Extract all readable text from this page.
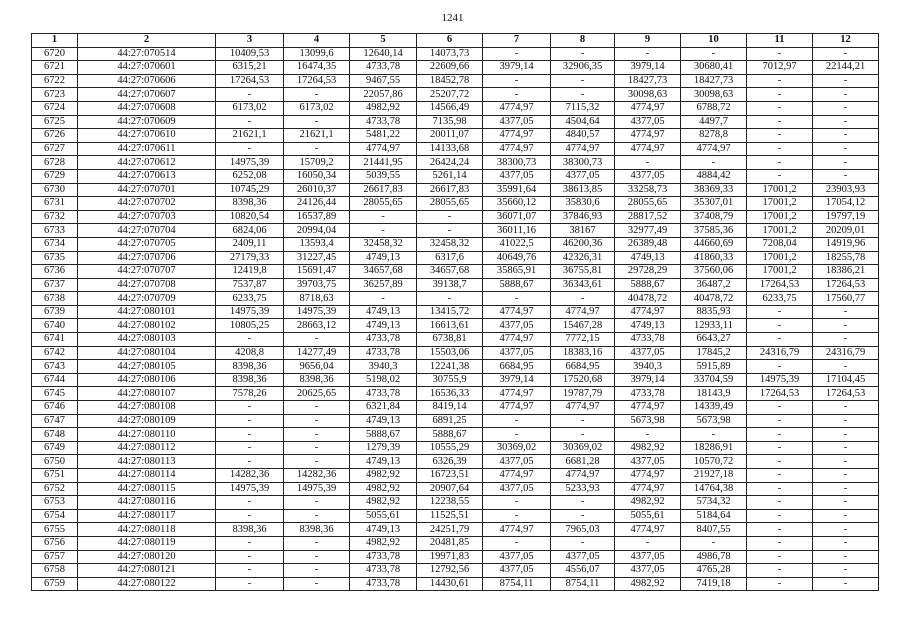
1241
1	2	3	4	5	6	7	8	9	10	11	12
6720	44:27:070514	10409,53	13099,6	12640,14	14073,73	-	-	-	-	-	-
6721	44:27:070601	6315,21	16474,35	4733,78	22609,66	3979,14	32906,35	3979,14	30680,41	7012,97	22144,21
6722	44:27:070606	17264,53	17264,53	9467,55	18452,78	-	-	18427,73	18427,73	-	-
6723	44:27:070607	-	-	22057,86	25207,72	-	-	30098,63	30098,63	-	-
6724	44:27:070608	6173,02	6173,02	4982,92	14566,49	4774,97	7115,32	4774,97	6788,72	-	-
6725	44:27:070609	-	-	4733,78	7135,98	4377,05	4504,64	4377,05	4497,7	-	-
6726	44:27:070610	21621,1	21621,1	5481,22	20011,07	4774,97	4840,57	4774,97	8278,8	-	-
6727	44:27:070611	-	-	4774,97	14133,68	4774,97	4774,97	4774,97	4774,97	-	-
6728	44:27:070612	14975,39	15709,2	21441,95	26424,24	38300,73	38300,73	-	-	-	-
6729	44:27:070613	6252,08	16050,34	5039,55	5261,14	4377,05	4377,05	4377,05	4884,42	-	-
6730	44:27:070701	10745,29	26010,37	26617,83	26617,83	35991,64	38613,85	33258,73	38369,33	17001,2	23903,93
6731	44:27:070702	8398,36	24126,44	28055,65	28055,65	35660,12	35830,6	28055,65	35307,01	17001,2	17054,12
6732	44:27:070703	10820,54	16537,89	-	-	36071,07	37846,93	28817,52	37408,79	17001,2	19797,19
6733	44:27:070704	6824,06	20994,04	-	-	36011,16	38167	32977,49	37585,36	17001,2	20209,01
6734	44:27:070705	2409,11	13593,4	32458,32	32458,32	41022,5	46200,36	26389,48	44660,69	7208,04	14919,96
6735	44:27:070706	27179,33	31227,45	4749,13	6317,6	40649,76	42326,31	4749,13	41860,33	17001,2	18255,78
6736	44:27:070707	12419,8	15691,47	34657,68	34657,68	35865,91	36755,81	29728,29	37560,06	17001,2	18386,21
6737	44:27:070708	7537,87	39703,75	36257,89	39138,7	5888,67	36343,61	5888,67	36487,2	17264,53	17264,53
6738	44:27:070709	6233,75	8718,63	-	-	-	-	40478,72	40478,72	6233,75	17560,77
6739	44:27:080101	14975,39	14975,39	4749,13	13415,72	4774,97	4774,97	4774,97	8835,93	-	-
6740	44:27:080102	10805,25	28663,12	4749,13	16613,61	4377,05	15467,28	4749,13	12933,11	-	-
6741	44:27:080103	-	-	4733,78	6738,81	4774,97	7772,15	4733,78	6643,27	-	-
6742	44:27:080104	4208,8	14277,49	4733,78	15503,06	4377,05	18383,16	4377,05	17845,2	24316,79	24316,79
6743	44:27:080105	8398,36	9656,04	3940,3	12241,38	6684,95	6684,95	3940,3	5915,89	-	-
6744	44:27:080106	8398,36	8398,36	5198,02	30755,9	3979,14	17520,68	3979,14	33704,59	14975,39	17104,45
6745	44:27:080107	7578,26	20625,65	4733,78	16536,33	4774,97	19787,79	4733,78	18143,9	17264,53	17264,53
6746	44:27:080108	-	-	6321,84	8419,14	4774,97	4774,97	4774,97	14339,49	-	-
6747	44:27:080109	-	-	4749,13	6891,25	-	-	5673,98	5673,98	-	-
6748	44:27:080110	-	-	5888,67	5888,67	-	-	-	-	-	-
6749	44:27:080112	-	-	1279,39	10555,29	30369,02	30369,02	4982,92	18286,91	-	-
6750	44:27:080113	-	-	4749,13	6326,39	4377,05	6681,28	4377,05	10570,72	-	-
6751	44:27:080114	14282,36	14282,36	4982,92	16723,51	4774,97	4774,97	4774,97	21927,18	-	-
6752	44:27:080115	14975,39	14975,39	4982,92	20907,64	4377,05	5233,93	4774,97	14764,38	-	-
6753	44:27:080116	-	-	4982,92	12238,55	-	-	4982,92	5734,32	-	-
6754	44:27:080117	-	-	5055,61	11525,51	-	-	5055,61	5184,64	-	-
6755	44:27:080118	8398,36	8398,36	4749,13	24251,79	4774,97	7965,03	4774,97	8407,55	-	-
6756	44:27:080119	-	-	4982,92	20481,85	-	-	-	-	-	-
6757	44:27:080120	-	-	4733,78	19971,83	4377,05	4377,05	4377,05	4986,78	-	-
6758	44:27:080121	-	-	4733,78	12792,56	4377,05	4556,07	4377,05	4765,28	-	-
6759	44:27:080122	-	-	4733,78	14430,61	8754,11	8754,11	4982,92	7419,18	-	-
